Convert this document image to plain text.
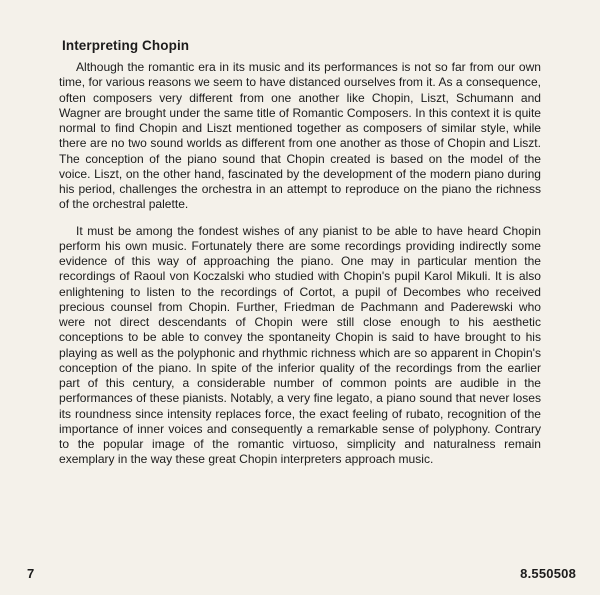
Interpreting Chopin

Although the romantic era in its music and its performances is not so far from our own time, for various reasons we seem to have distanced ourselves from it. As a consequence, often composers very different from one another like Chopin, Liszt, Schumann and Wagner are brought under the same title of Romantic Composers. In this context it is quite normal to find Chopin and Liszt mentioned together as composers of similar style, while there are no two sound worlds as different from one another as those of Chopin and Liszt. The conception of the piano sound that Chopin created is based on the model of the voice. Liszt, on the other hand, fascinated by the development of the modern piano during his period, challenges the orchestra in an attempt to reproduce on the piano the richness of the orchestral palette.

It must be among the fondest wishes of any pianist to be able to have heard Chopin perform his own music. Fortunately there are some recordings providing indirectly some evidence of this way of approaching the piano. One may in particular mention the recordings of Raoul von Koczalski who studied with Chopin's pupil Karol Mikuli. It is also enlightening to listen to the recordings of Cortot, a pupil of Decombes who received precious counsel from Chopin. Further, Friedman de Pachmann and Paderewski who were not direct descendants of Chopin were still close enough to his aesthetic conceptions to be able to convey the spontaneity Chopin is said to have brought to his playing as well as the polyphonic and rhythmic richness which are so apparent in Chopin's conception of the piano. In spite of the inferior quality of the recordings from the earlier part of this century, a considerable number of common points are audible in the performances of these pianists. Notably, a very fine legato, a piano sound that never loses its roundness since intensity replaces force, the exact feeling of rubato, recognition of the importance of inner voices and consequently a remarkable sense of polyphony. Contrary to the popular image of the romantic virtuoso, simplicity and naturalness remain exemplary in the way these great Chopin interpreters approach music.

7	8.550508
